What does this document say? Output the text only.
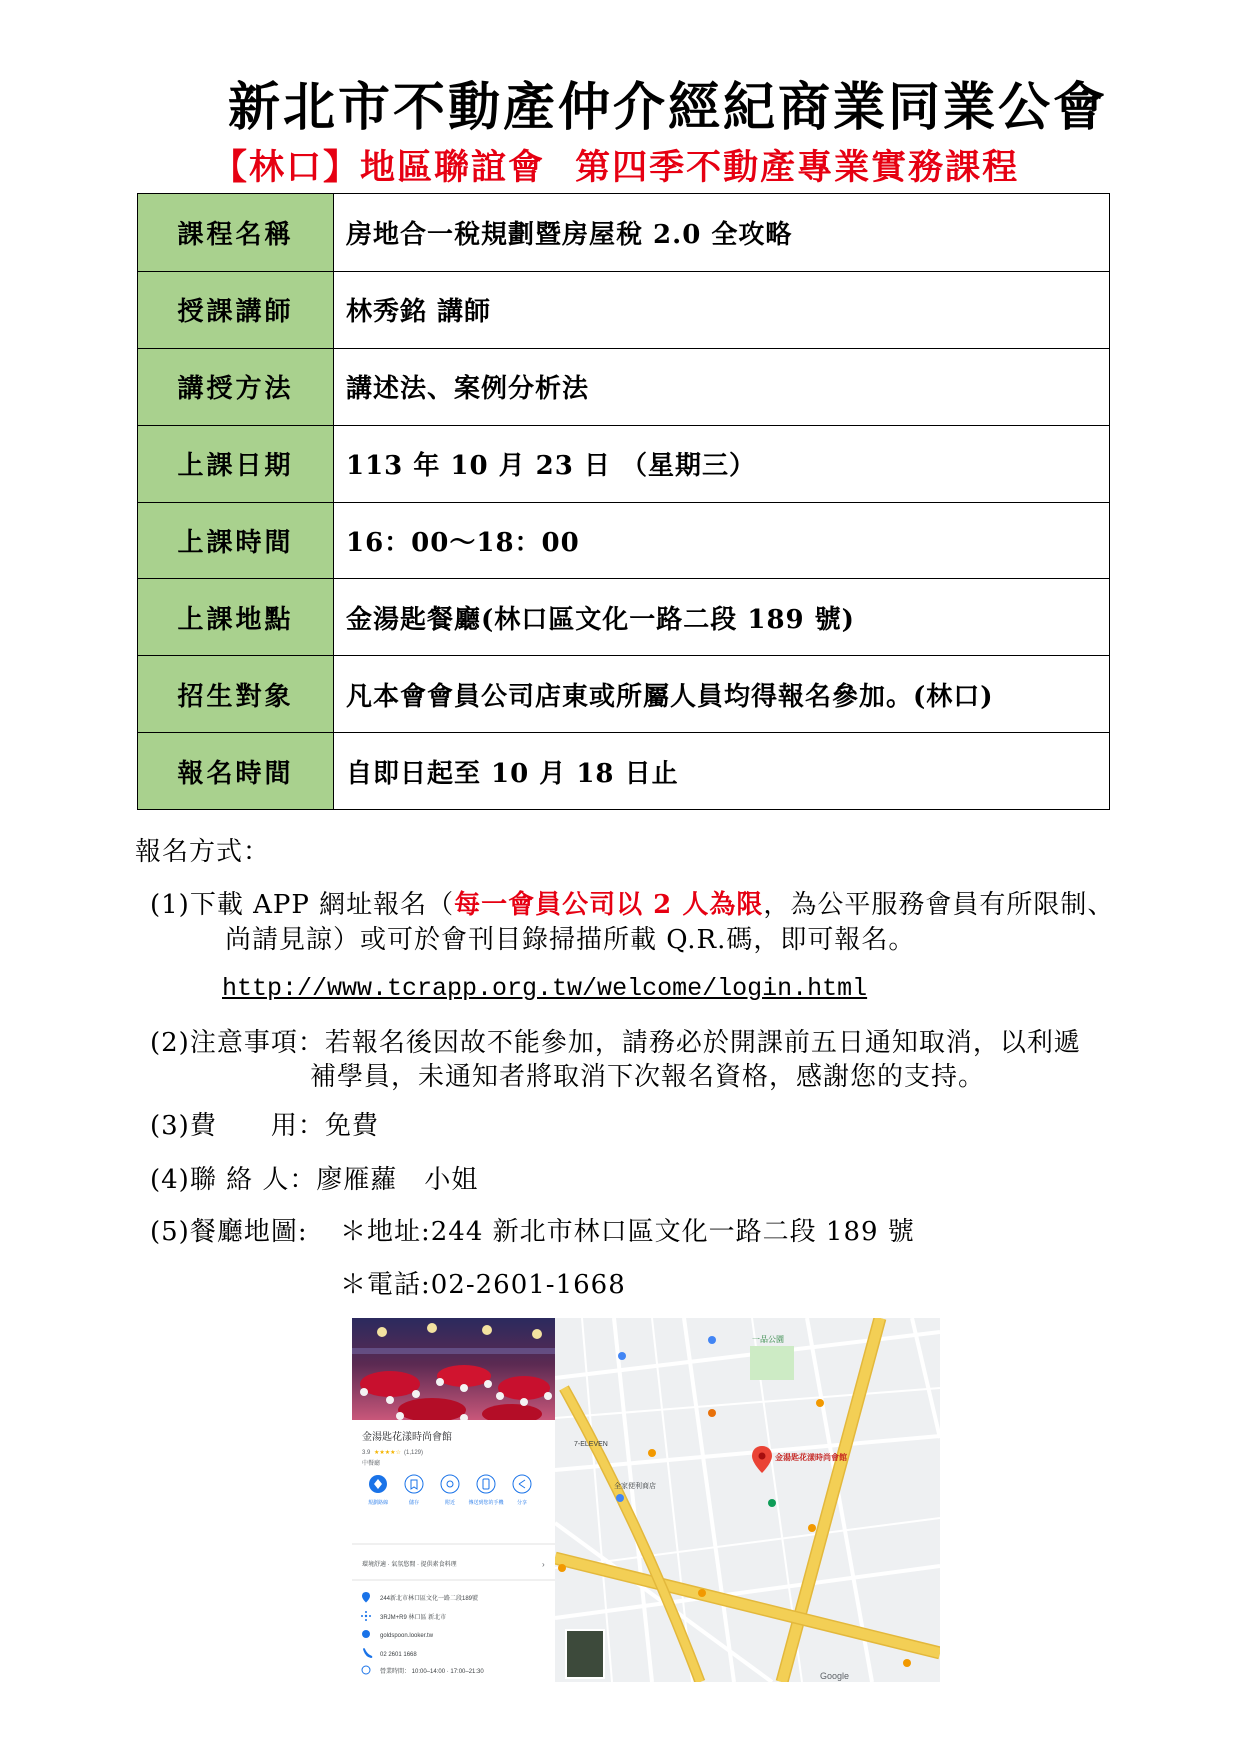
新北市不動產仲介經紀商業同業公會
【林口】地區聯誼會 第四季不動產專業實務課程
課程名稱	房地合一稅規劃暨房屋稅 2.0 全攻略
授課講師	林秀銘 講師
講授方法	講述法、案例分析法
上課日期	113 年 10 月 23 日 （星期三）
上課時間	16：00～18：00
上課地點	金湯匙餐廳(林口區文化一路二段 189 號)
招生對象	凡本會會員公司店東或所屬人員均得報名參加。(林口)
報名時間	自即日起至 10 月 18 日止
報名方式：
(1)下載 APP 網址報名（每一會員公司以 2 人為限，為公平服務會員有所限制、
尚請見諒）或可於會刊目錄掃描所載 Q.R.碼，即可報名。
http://www.tcrapp.org.tw/welcome/login.html
(2)注意事項：若報名後因故不能參加，請務必於開課前五日通知取消，以利遞
補學員，未通知者將取消下次報名資格，感謝您的支持。
(3)費　　用：免費
(4)聯 絡 人：廖雁蘿　小姐
(5)餐廳地圖: ＊地址:244 新北市林口區文化一路二段 189 號
＊電話:02-2601-1668
一品公園
7-ELEVEN
全家便利商店
金湯匙花漾時尚會館
Google
金湯匙花漾時尚會館
3.9 ★★★★☆ (1,129)
中餐廳
規劃路線	儲存	附近	傳送到您的手機	分享
環境舒適 · 氣氛悠閒 · 提供素食料理	›
244新北市林口區文化一路二段189號
3RJM+R9 林口區 新北市
goldspoon.looker.tw
02 2601 1668
營業時間： 10:00–14:00 · 17:00–21:30
